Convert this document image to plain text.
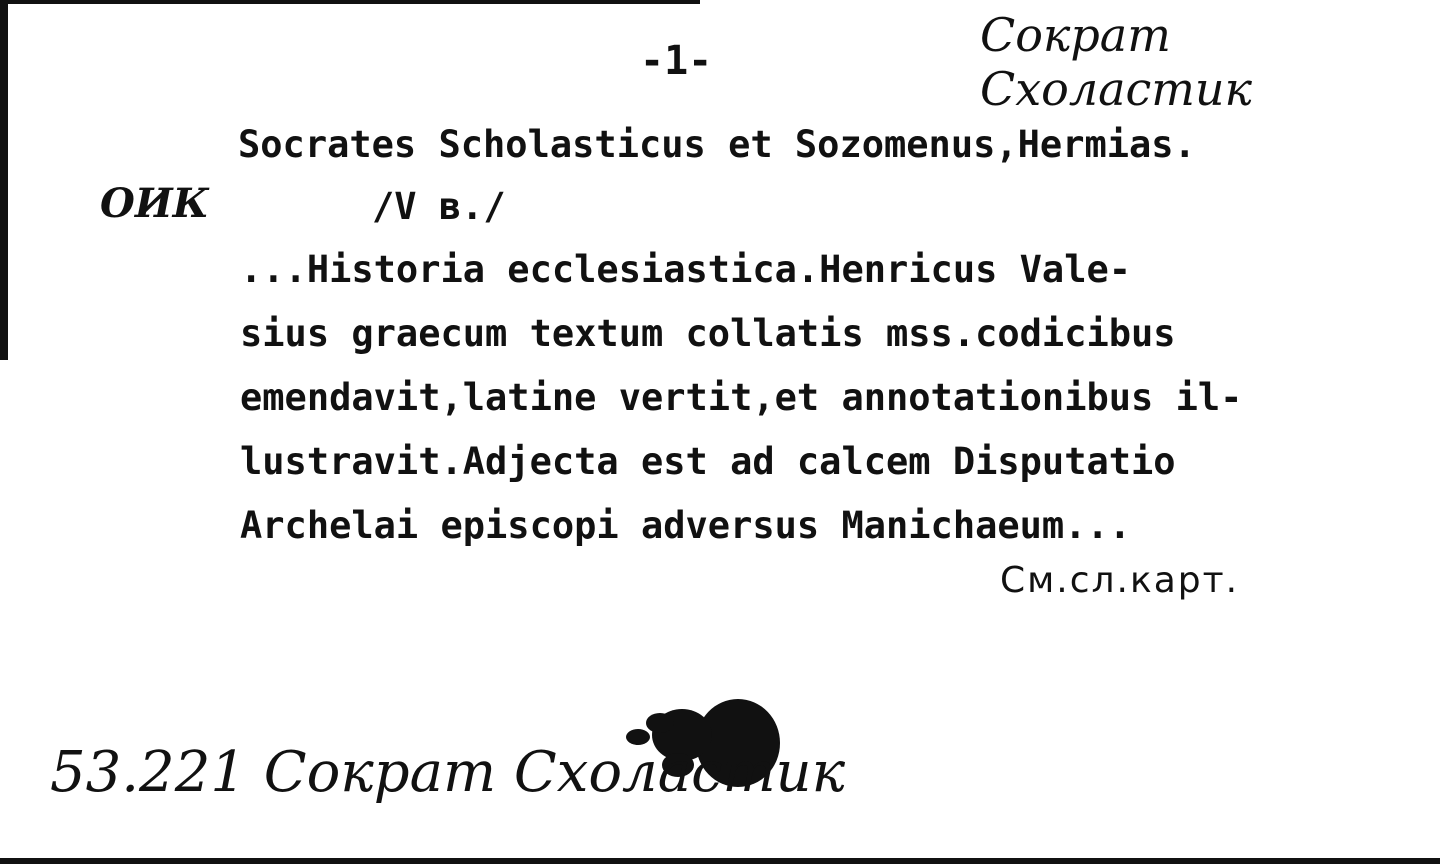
-1-	Сократ Схоластик
ОИК
Socrates Scholasticus et Sozomenus,Hermias.
/V в./
...Historia ecclesiastica.Henricus Vale-
sius graecum textum collatis mss.codicibus
emendavit,latine vertit,et annotationibus il-
lustravit.Adjecta est ad calcem Disputatio
Archelai episcopi adversus Manichaeum...
См.сл.карт.
53.221 Сократ Схоластик
